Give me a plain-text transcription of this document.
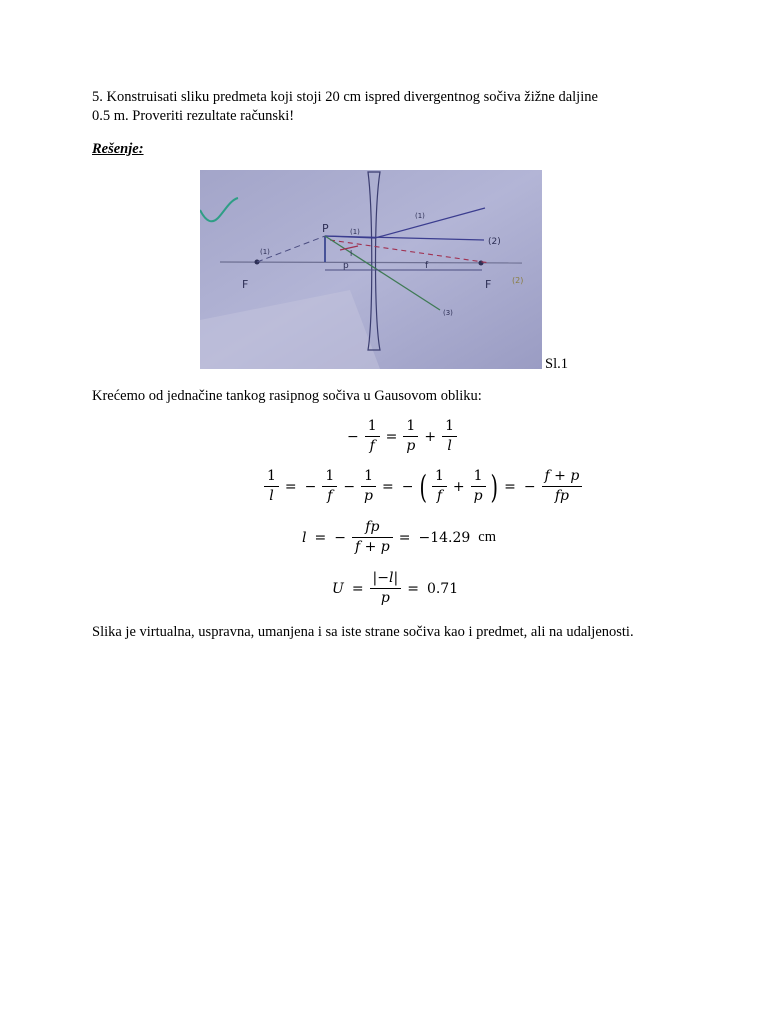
5. Konstruisati sliku predmeta koji stoji 20 cm ispred divergentnog sočiva žižne daljine
0.5 m. Proveriti rezultate računski!
Rešenje:
P
F	F
p	f
l
(1)
(1)
(2)
(3)
(1)
(2)
Sl.1
Krećemo od jednačine tankog rasipnog sočiva u Gausovom obliku:
− $\frac{1}{f} = \frac{1}{p} + \frac{1}{l}$
$\frac{1}{l}$ = − $\frac{1}{f} - \frac{1}{p}$ = − ( $\frac{1}{f} + \frac{1}{p}$ ) = − $\frac{f + p}{fp}$
l = − $\frac{fp}{f + p} = -14.29$ cm
$U = \frac{|-l|}{p} = 0.71$
Slika je virtualna, uspravna, umanjena i sa iste strane sočiva kao i predmet, ali na udaljenosti.
